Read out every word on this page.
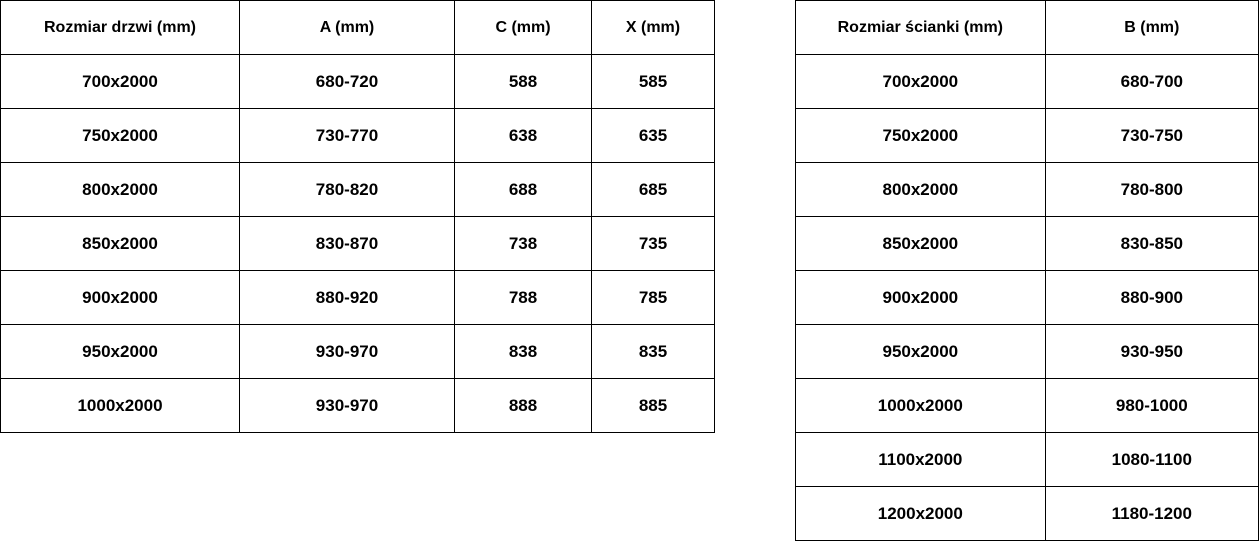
Rozmiar drzwi (mm)	A (mm)	C (mm)	X (mm)
700x2000	680-720	588	585
750x2000	730-770	638	635
800x2000	780-820	688	685
850x2000	830-870	738	735
900x2000	880-920	788	785
950x2000	930-970	838	835
1000x2000	930-970	888	885
Rozmiar ścianki (mm)	B (mm)
700x2000	680-700
750x2000	730-750
800x2000	780-800
850x2000	830-850
900x2000	880-900
950x2000	930-950
1000x2000	980-1000
1100x2000	1080-1100
1200x2000	1180-1200
